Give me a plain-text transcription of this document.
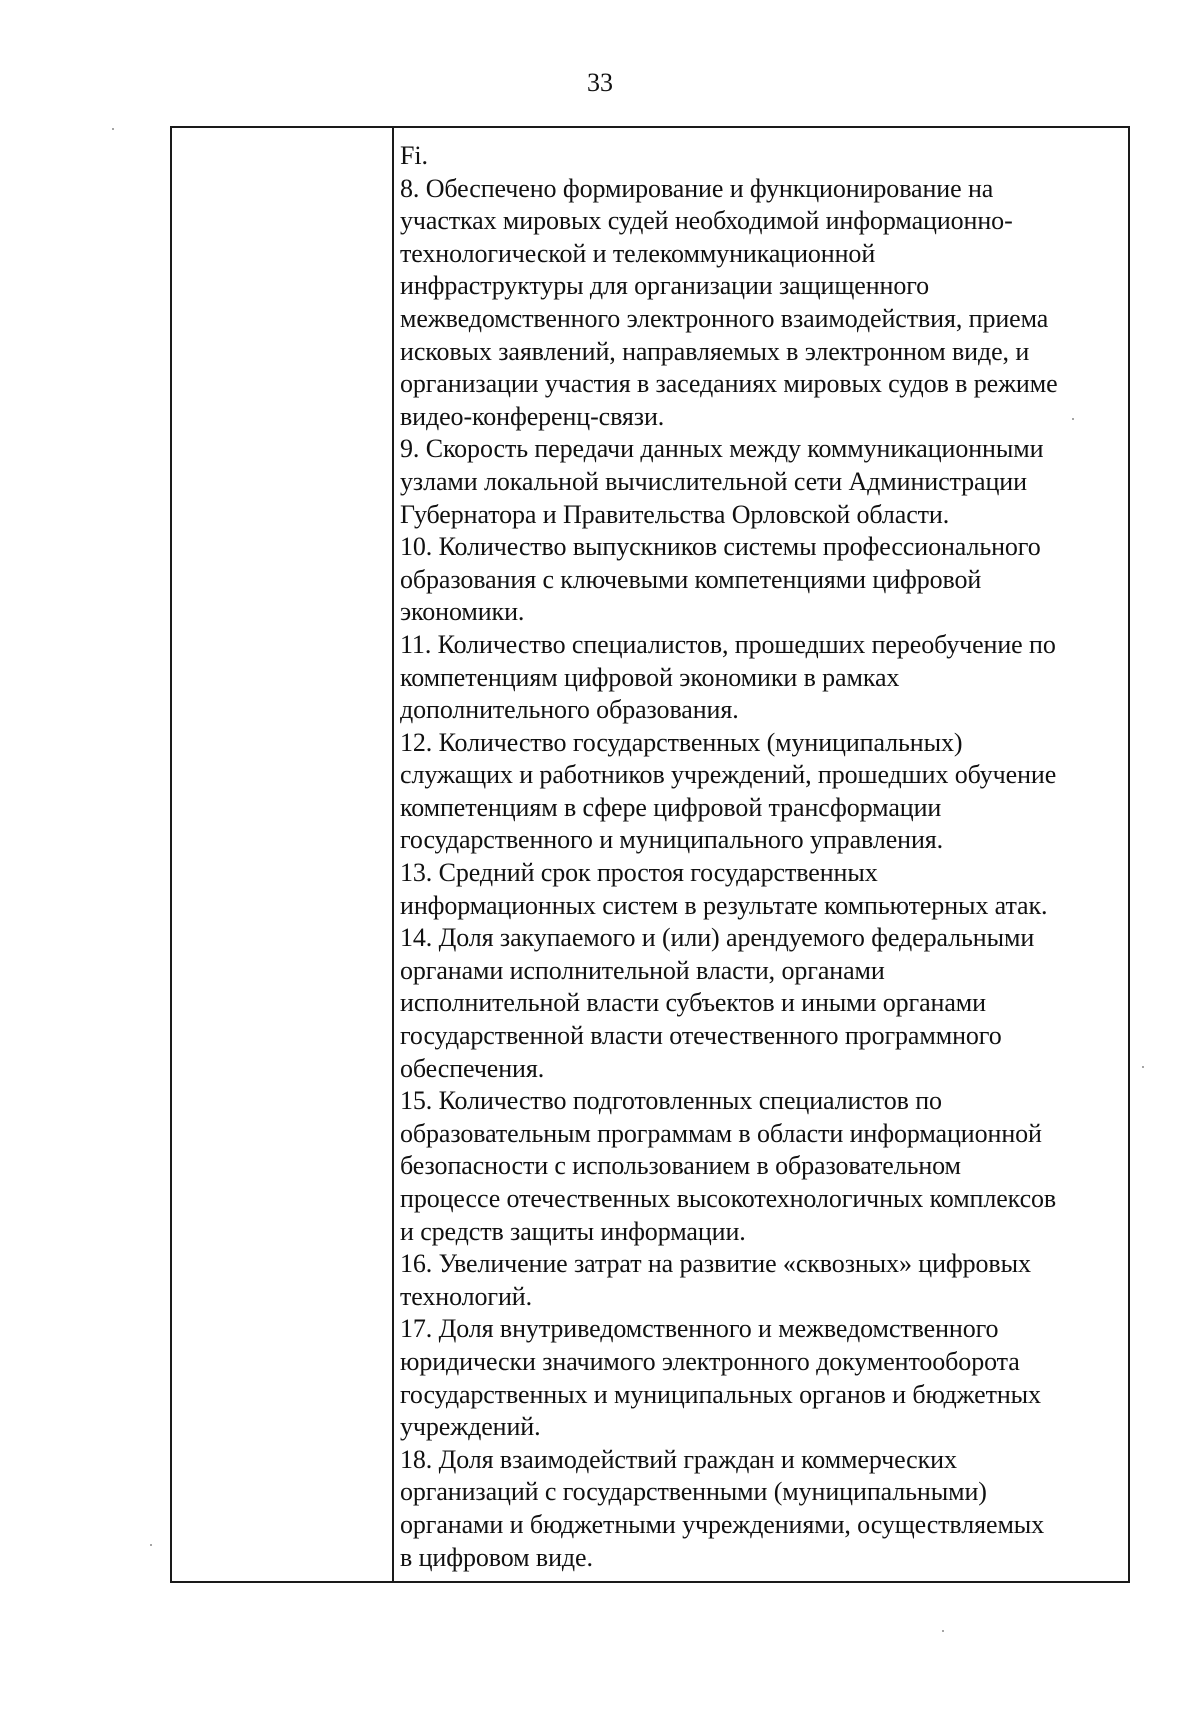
33

Fi.

8. Обеспечено формирование и функционирование на

участках мировых судей необходимой информационно-

технологической и телекоммуникационной

инфраструктуры для организации защищенного

межведомственного электронного взаимодействия, приема

исковых заявлений, направляемых в электронном виде, и

организации участия в заседаниях мировых судов в режиме

видео-конференц-связи.

9. Скорость передачи данных между коммуникационными

узлами локальной вычислительной сети Администрации

Губернатора и Правительства Орловской области.

10. Количество выпускников системы профессионального

образования с ключевыми компетенциями цифровой

экономики.

11. Количество специалистов, прошедших переобучение по

компетенциям цифровой экономики в рамках

дополнительного образования.

12. Количество государственных (муниципальных)

служащих и работников учреждений, прошедших обучение

компетенциям в сфере цифровой трансформации

государственного и муниципального управления.

13. Средний срок простоя государственных

информационных систем в результате компьютерных атак.

14. Доля закупаемого и (или) арендуемого федеральными

органами исполнительной власти, органами

исполнительной власти субъектов и иными органами

государственной власти отечественного программного

обеспечения.

15. Количество подготовленных специалистов по

образовательным программам в области информационной

безопасности с использованием в образовательном

процессе отечественных высокотехнологичных комплексов

и средств защиты информации.

16. Увеличение затрат на развитие «сквозных» цифровых

технологий.

17. Доля внутриведомственного и межведомственного

юридически значимого электронного документооборота

государственных и муниципальных органов и бюджетных

учреждений.

18. Доля взаимодействий граждан и коммерческих

организаций с государственными (муниципальными)

органами и бюджетными учреждениями, осуществляемых

в цифровом виде.
